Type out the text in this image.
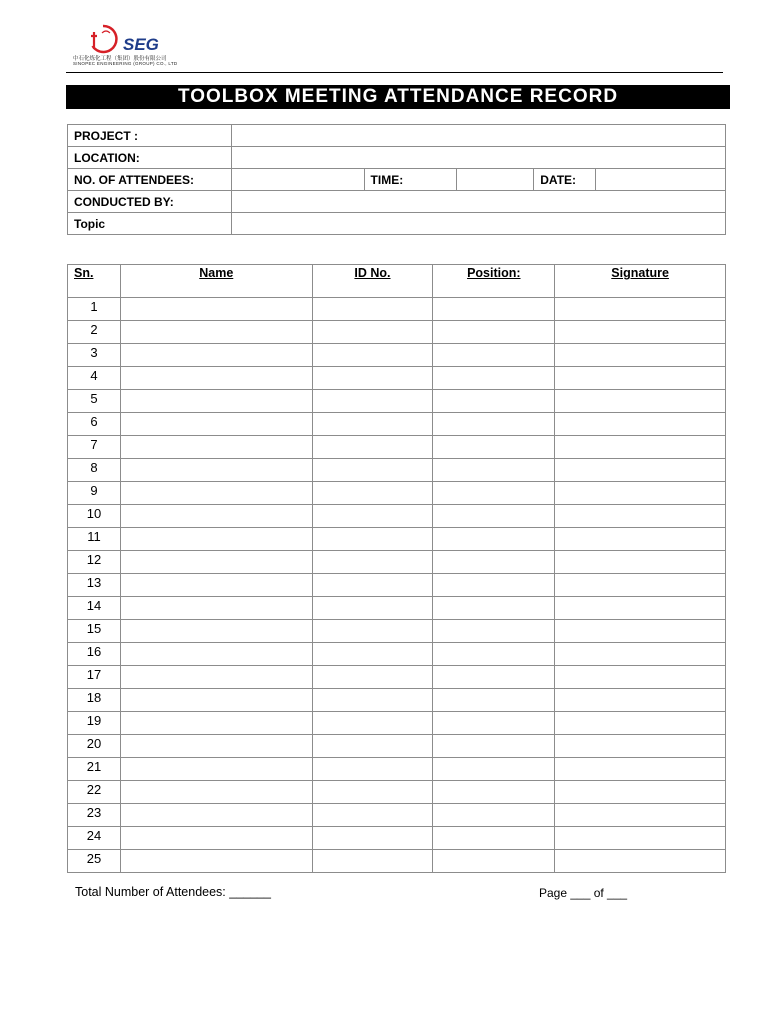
SEG
中石化炼化工程（集团）股份有限公司
SINOPEC ENGINEERING (GROUP) CO., LTD
TOOLBOX MEETING ATTENDANCE RECORD
PROJECT :					
LOCATION:					
NO. OF ATTENDEES:		TIME:		DATE:	
CONDUCTED BY:					
Topic					
Sn.	Name	ID No.	Position:	Signature
1				
2				
3				
4				
5				
6				
7				
8				
9				
10				
11				
12				
13				
14				
15				
16				
17				
18				
19				
20				
21				
22				
23				
24				
25				
Total Number of Attendees: ______	Page ___ of ___
